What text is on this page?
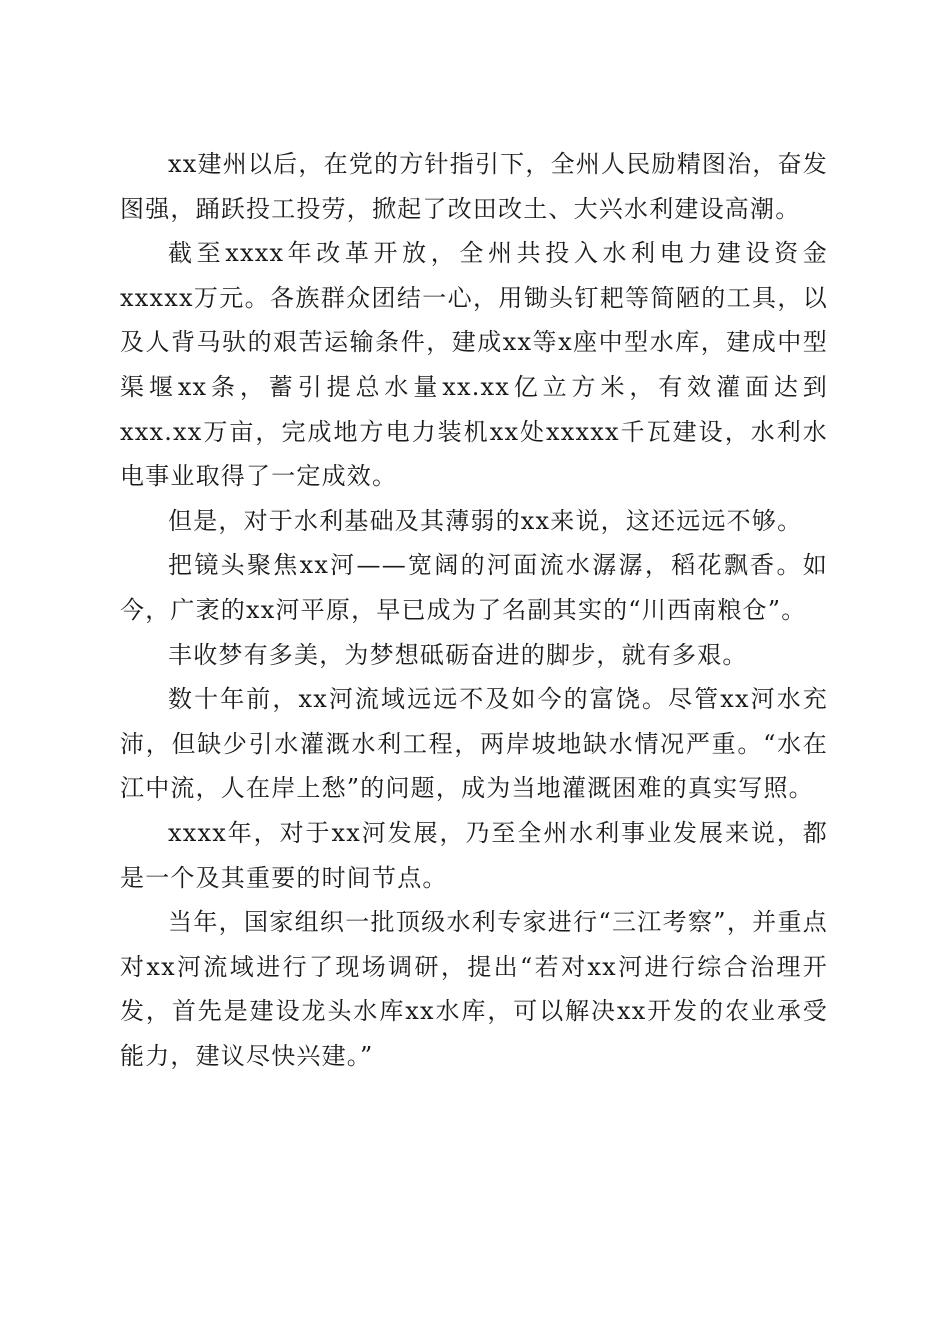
xx建州以后，在党的方针指引下，全州人民励精图治，奋发图强，踊跃投工投劳，掀起了改田改土、大兴水利建设高潮。

截至xxxx年改革开放，全州共投入水利电力建设资金xxxxx万元。各族群众团结一心，用锄头钉耙等简陋的工具，以及人背马驮的艰苦运输条件，建成xx等x座中型水库，建成中型渠堰xx条，蓄引提总水量xx.xx亿立方米，有效灌面达到xxx.xx万亩，完成地方电力装机xx处xxxxx千瓦建设，水利水电事业取得了一定成效。

但是，对于水利基础及其薄弱的xx来说，这还远远不够。

把镜头聚焦xx河——宽阔的河面流水潺潺，稻花飘香。如今，广袤的xx河平原，早已成为了名副其实的“川西南粮仓”。

丰收梦有多美，为梦想砥砺奋进的脚步，就有多艰。

数十年前，xx河流域远远不及如今的富饶。尽管xx河水充沛，但缺少引水灌溉水利工程，两岸坡地缺水情况严重。“水在江中流，人在岸上愁”的问题，成为当地灌溉困难的真实写照。

xxxx年，对于xx河发展，乃至全州水利事业发展来说，都是一个及其重要的时间节点。

当年，国家组织一批顶级水利专家进行“三江考察”，并重点对xx河流域进行了现场调研，提出“若对xx河进行综合治理开发，首先是建设龙头水库xx水库，可以解决xx开发的农业承受能力，建议尽快兴建。”
